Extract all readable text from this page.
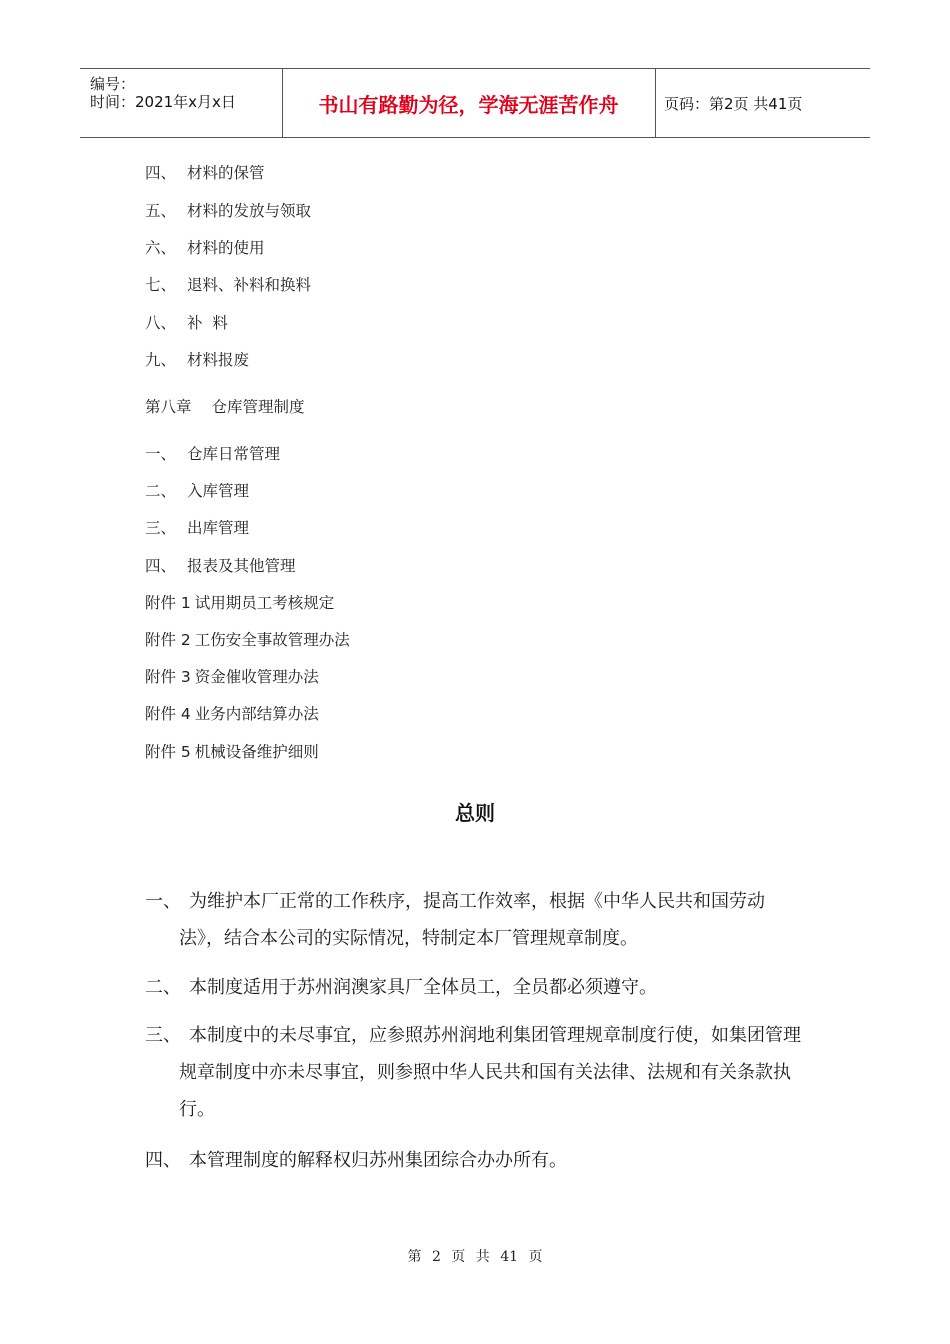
编号：
时间：2021年x月x日	书山有路勤为径，学海无涯苦作舟	页码：第2页 共41页
四、 材料的保管
五、 材料的发放与领取
六、 材料的使用
七、 退料、补料和换料
八、 补  料
九、 材料报废
第八章 仓库管理制度
一、 仓库日常管理
二、 入库管理
三、 出库管理
四、 报表及其他管理
附件 1 试用期员工考核规定
附件 2 工伤安全事故管理办法
附件 3 资金催收管理办法
附件 4 业务内部结算办法
附件 5 机械设备维护细则
总则
一、 为维护本厂正常的工作秩序，提高工作效率，根据《中华人民共和国劳动法》，结合本公司的实际情况，特制定本厂管理规章制度。
二、 本制度适用于苏州润澳家具厂全体员工，全员都必须遵守。
三、 本制度中的未尽事宜，应参照苏州润地利集团管理规章制度行使，如集团管理规章制度中亦未尽事宜，则参照中华人民共和国有关法律、法规和有关条款执行。
四、 本管理制度的解释权归苏州集团综合办办所有。
第 2 页 共 41 页
